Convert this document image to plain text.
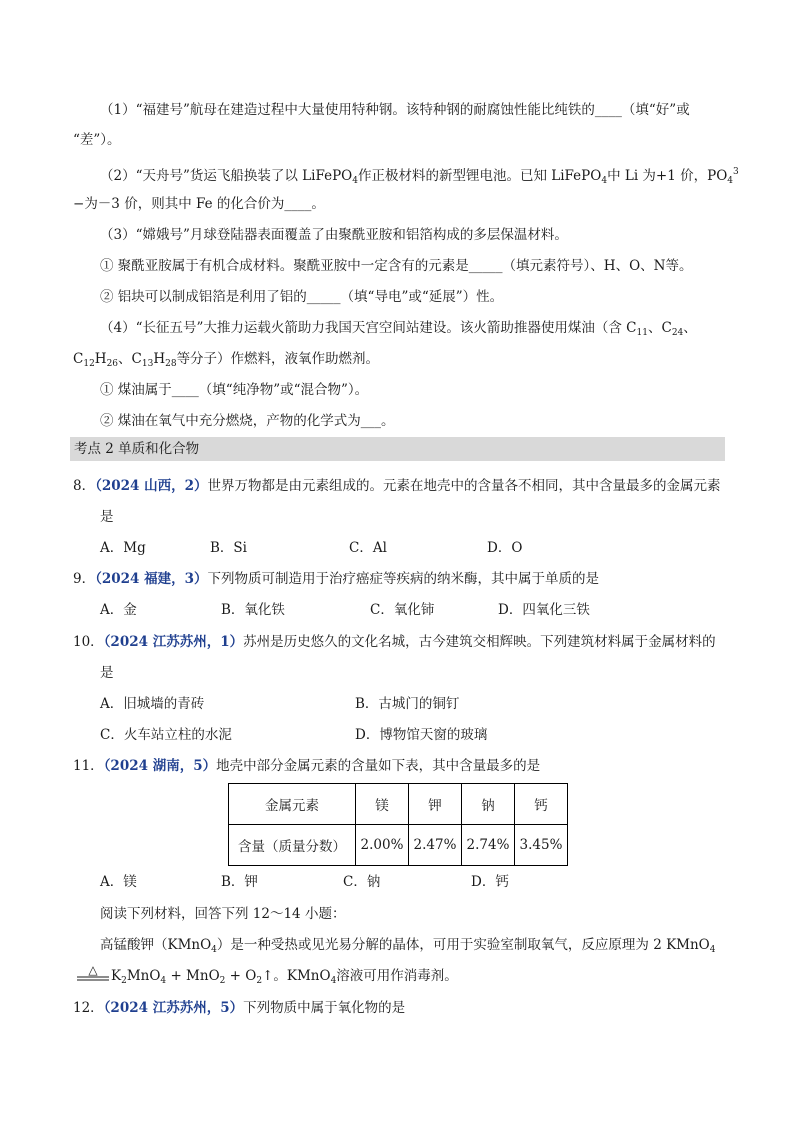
（1）“福建号”航母在建造过程中大量使用特种钢。该特种钢的耐腐蚀性能比纯铁的____（填“好”或
“差”）。
（2）“天舟号”货运飞船换装了以 LiFePO$_4$作正极材料的新型锂电池。已知 LiFePO$_4$中 Li 为+1 价，$PO_4^3$
−为－3 价，则其中 Fe 的化合价为____。
（3）“嫦娥号”月球登陆器表面覆盖了由聚酰亚胺和铝箔构成的多层保温材料。
① 聚酰亚胺属于有机合成材料。聚酰亚胺中一定含有的元素是_____（填元素符号）、H、O、N等。
② 铝块可以制成铝箔是利用了铝的_____（填“导电”或“延展”）性。
（4）“长征五号”大推力运载火箭助力我国天宫空间站建设。该火箭助推器使用煤油（含 $C_{11}$、$C_{24}$、
$C_{12}H_{26}$、$C_{13}H_{28}$等分子）作燃料，液氧作助燃剂。
① 煤油属于____（填“纯净物”或“混合物”）。
② 煤油在氧气中充分燃烧，产物的化学式为___。
考点 2 单质和化合物
8．（2024 山西，2）世界万物都是由元素组成的。元素在地壳中的含量各不相同，其中含量最多的金属元素
是
A．Mg	B．Si	C．Al	D．O
9．（2024 福建，3）下列物质可制造用于治疗癌症等疾病的纳米酶，其中属于单质的是
A．金	B．氧化铁	C．氧化铈	D．四氧化三铁
10．（2024 江苏苏州，1）苏州是历史悠久的文化名城，古今建筑交相辉映。下列建筑材料属于金属材料的
是
A．旧城墙的青砖	B．古城门的铜钉
C．火车站立柱的水泥	D．博物馆天窗的玻璃
11．（2024 湖南，5）地壳中部分金属元素的含量如下表，其中含量最多的是
金属元素	镁	钾	钠	钙
含量（质量分数）	2.00%	2.47%	2.74%	3.45%
A．镁	B．钾	C．钠	D．钙
阅读下列材料，回答下列 12～14 小题：
高锰酸钾（KMnO$_4$）是一种受热或见光易分解的晶体，可用于实验室制取氧气，反应原理为 2 KMnO$_4$
△ $K_2MnO_4 + MnO_2$ + $O_2↑$。KMnO$_4$溶液可用作消毒剂。
12．（2024 江苏苏州，5）下列物质中属于氧化物的是
